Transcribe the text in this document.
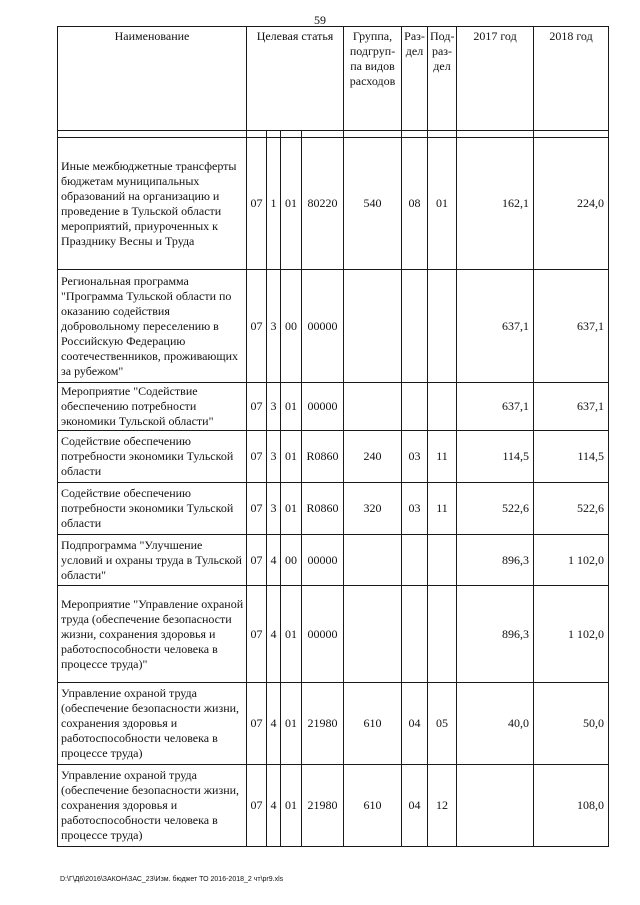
59
Наименование	Целевая статья				Группа, подгруп-па видов расходов	Раз-дел	Под-раз-дел	2017 год	2018 год

Иные межбюджетные трансферты бюджетам муниципальных образований на организацию и проведение в Тульской области мероприятий, приуроченных к Празднику Весны и Труда	07	1	01	80220	540	08	01	162,1	224,0
Региональная программа "Программа Тульской области по оказанию содействия добровольному переселению в Российскую Федерацию соотечественников, проживающих за рубежом"	07	3	00	00000				637,1	637,1
Мероприятие "Содействие обеспечению потребности экономики Тульской области"	07	3	01	00000				637,1	637,1
Содействие обеспечению потребности экономики Тульской области	07	3	01	R0860	240	03	11	114,5	114,5
Содействие обеспечению потребности экономики Тульской области	07	3	01	R0860	320	03	11	522,6	522,6
Подпрограмма "Улучшение условий и охраны труда в Тульской области"	07	4	00	00000				896,3	1 102,0
Мероприятие "Управление охраной труда (обеспечение безопасности жизни, сохранения здоровья и работоспособности человека в процессе труда)"	07	4	01	00000				896,3	1 102,0
Управление охраной труда (обеспечение безопасности жизни, сохранения здоровья и работоспособности человека в процессе труда)	07	4	01	21980	610	04	05	40,0	50,0
Управление охраной труда (обеспечение безопасности жизни, сохранения здоровья и работоспособности человека в процессе труда)	07	4	01	21980	610	04	12		108,0
D:\Г\Д6\2016\ЗАКОН\ЗАС_23\Изм. бюджет ТО 2016-2018_2 чт\pr9.xls
